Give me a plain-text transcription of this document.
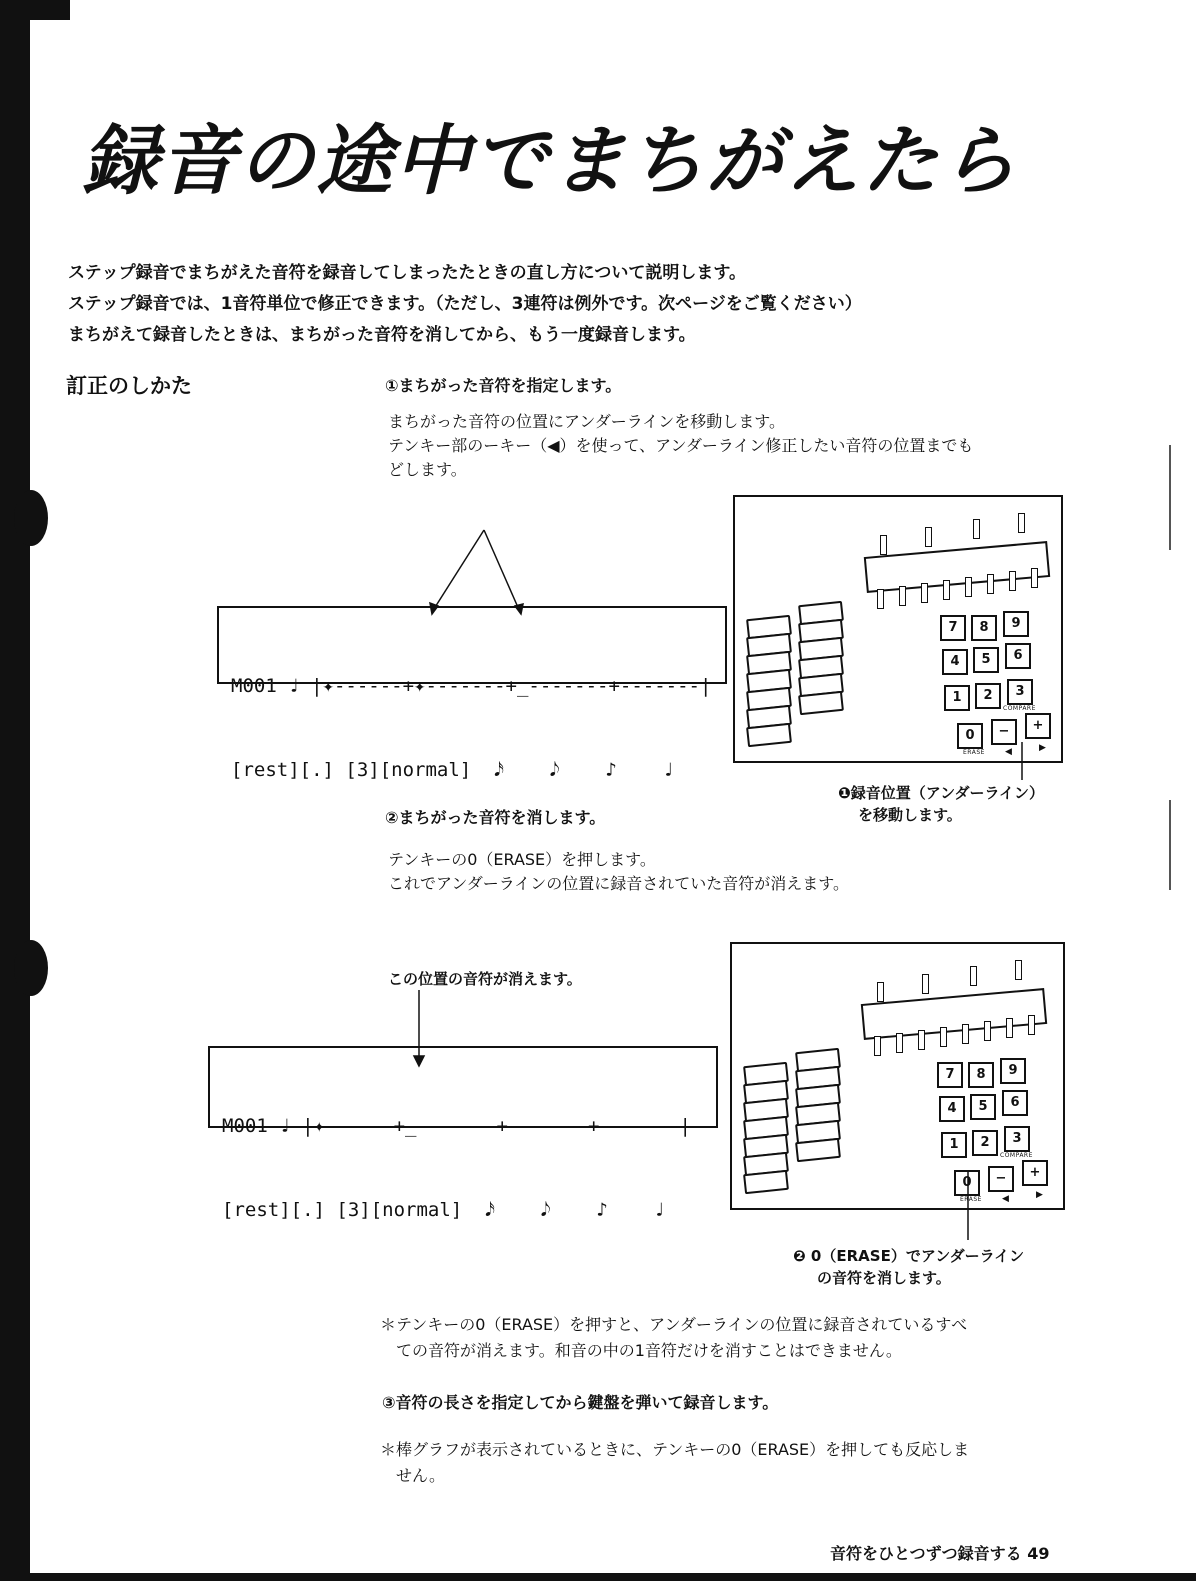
録音の途中でまちがえたら
ステップ録音でまちがえた音符を録音してしまったたときの直し方について説明します。
ステップ録音では、1音符単位で修正できます。（ただし、3連符は例外です。次ページをご覧ください）
まちがえて録音したときは、まちがった音符を消してから、もう一度録音します。
訂正のしかた	①まちがった音符を指定します。
まちがった音符の位置にアンダーラインを移動します。
テンキー部のーキー（◀）を使って、アンダーライン修正したい音符の位置までも
どします。

M001 ♩ |✦------+✦-------+_-------+-------|

[rest][.] [3][normal]  𝅘𝅥𝅯    𝅘𝅥𝅮    ♪    ♩

7	8	9
4	5	6
1	2	3
0	−	+
COMPARE
ERASE ◀	▶
❶録音位置（アンダーライン）
を移動します。
②まちがった音符を消します。
テンキーの0（ERASE）を押します。
これでアンダーラインの位置に録音されていた音符が消えます。
この位置の音符が消えます。

M001 ♩ |✦------+_-------+-------+-------|

[rest][.] [3][normal]  𝅘𝅥𝅯    𝅘𝅥𝅮    ♪    ♩

7	8	9
4	5	6
1	2	3
0	−	+
COMPARE
ERASE ◀	▶
❷ 0（ERASE）でアンダーライン
の音符を消します。
＊テンキーの0（ERASE）を押すと、アンダーラインの位置に録音されているすべ
ての音符が消えます。和音の中の1音符だけを消すことはできません。
③音符の長さを指定してから鍵盤を弾いて録音します。
＊棒グラフが表示されているときに、テンキーの0（ERASE）を押しても反応しま
せん。
音符をひとつずつ録音する 49
